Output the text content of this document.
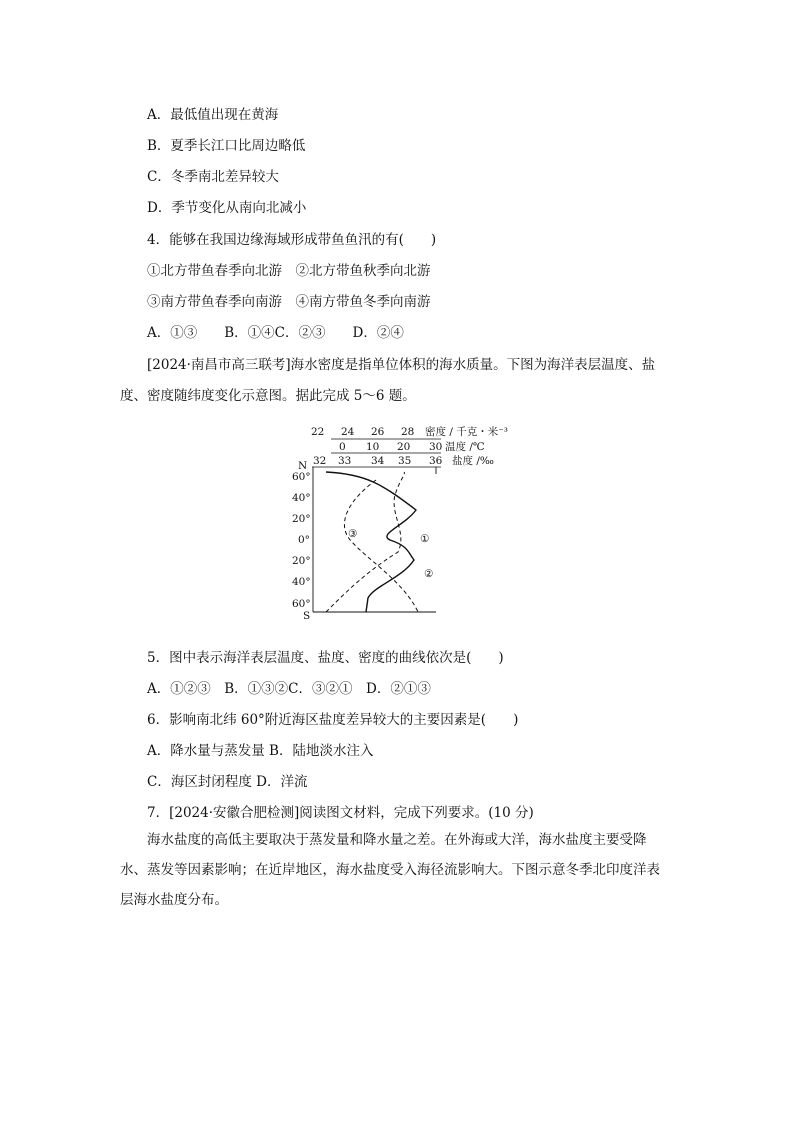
A．最低值出现在黄海
B．夏季长江口比周边略低
C．冬季南北差异较大
D．季节变化从南向北减小
4．能够在我国边缘海域形成带鱼鱼汛的有(　　)
①北方带鱼春季向北游　②北方带鱼秋季向北游
③南方带鱼春季向南游　④南方带鱼冬季向南游
A．①③　　B．①④C．②③　　D．②④
[2024·南昌市高三联考]海水密度是指单位体积的海水质量。下图为海洋表层温度、盐
度、密度随纬度变化示意图。据此完成 5～6 题。
22 24 26 28 密度 / 千克・米⁻³
0 10 20 30 温度 /℃
32 33 34 35 36 盐度 /‰
N
S
60°
40°
20°
0°
20°
40°
60°
①
②
③
5．图中表示海洋表层温度、盐度、密度的曲线依次是(　　)
A．①②③　B．①③②C．③②①　D．②①③
6．影响南北纬 60°附近海区盐度差异较大的主要因素是(　　)
A．降水量与蒸发量 B．陆地淡水注入
C．海区封闭程度 D．洋流
7．[2024·安徽合肥检测]阅读图文材料，完成下列要求。(10 分)
海水盐度的高低主要取决于蒸发量和降水量之差。在外海或大洋，海水盐度主要受降水、蒸发等因素影响；在近岸地区，海水盐度受入海径流影响大。下图示意冬季北印度洋表层海水盐度分布。
